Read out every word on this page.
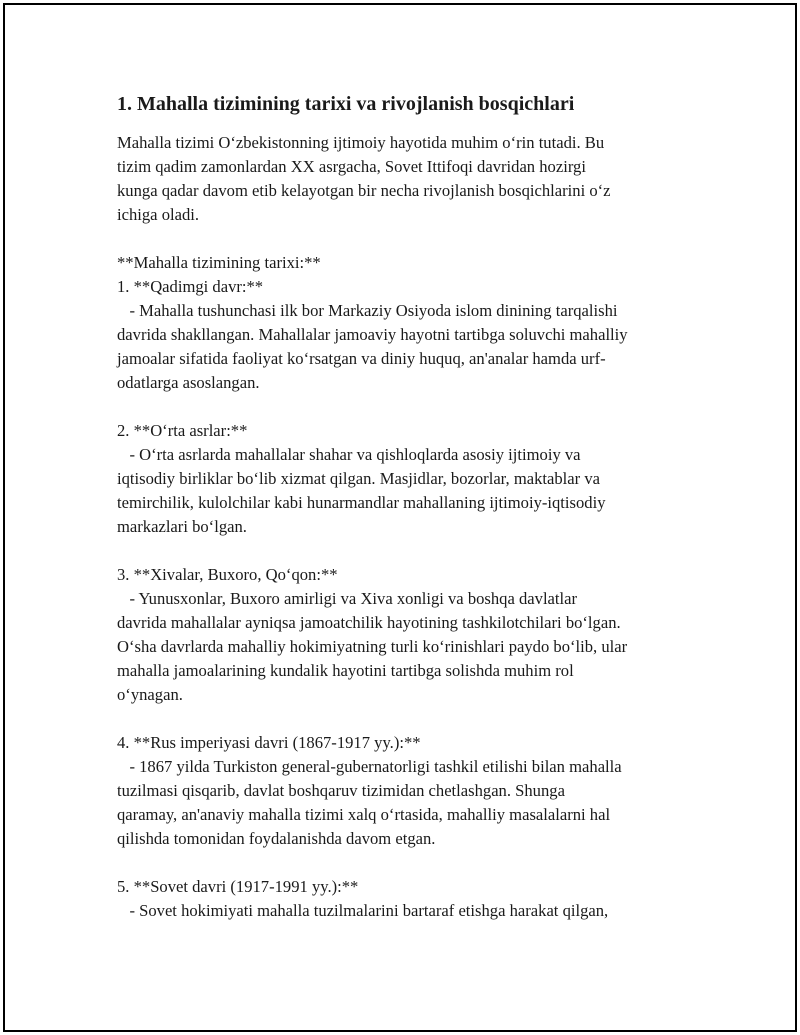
1. Mahalla tizimining tarixi va rivojlanish bosqichlari
Mahalla tizimi O‘zbekistonning ijtimoiy hayotida muhim o‘rin tutadi. Bu
tizim qadim zamonlardan XX asrgacha, Sovet Ittifoqi davridan hozirgi
kunga qadar davom etib kelayotgan bir necha rivojlanish bosqichlarini o‘z
ichiga oladi.
**Mahalla tizimining tarixi:**
1. **Qadimgi davr:**
- Mahalla tushunchasi ilk bor Markaziy Osiyoda islom dinining tarqalishi
davrida shakllangan. Mahallalar jamoaviy hayotni tartibga soluvchi mahalliy
jamoalar sifatida faoliyat ko‘rsatgan va diniy huquq, an'analar hamda urf-
odatlarga asoslangan.
2. **O‘rta asrlar:**
- O‘rta asrlarda mahallalar shahar va qishloqlarda asosiy ijtimoiy va
iqtisodiy birliklar bo‘lib xizmat qilgan. Masjidlar, bozorlar, maktablar va
temirchilik, kulolchilar kabi hunarmandlar mahallaning ijtimoiy-iqtisodiy
markazlari bo‘lgan.
3. **Xivalar, Buxoro, Qo‘qon:**
- Yunusxonlar, Buxoro amirligi va Xiva xonligi va boshqa davlatlar
davrida mahallalar ayniqsa jamoatchilik hayotining tashkilotchilari bo‘lgan.
O‘sha davrlarda mahalliy hokimiyatning turli ko‘rinishlari paydo bo‘lib, ular
mahalla jamoalarining kundalik hayotini tartibga solishda muhim rol
o‘ynagan.
4. **Rus imperiyasi davri (1867-1917 yy.):**
- 1867 yilda Turkiston general-gubernatorligi tashkil etilishi bilan mahalla
tuzilmasi qisqarib, davlat boshqaruv tizimidan chetlashgan. Shunga
qaramay, an'anaviy mahalla tizimi xalq o‘rtasida, mahalliy masalalarni hal
qilishda tomonidan foydalanishda davom etgan.
5. **Sovet davri (1917-1991 yy.):**
- Sovet hokimiyati mahalla tuzilmalarini bartaraf etishga harakat qilgan,
